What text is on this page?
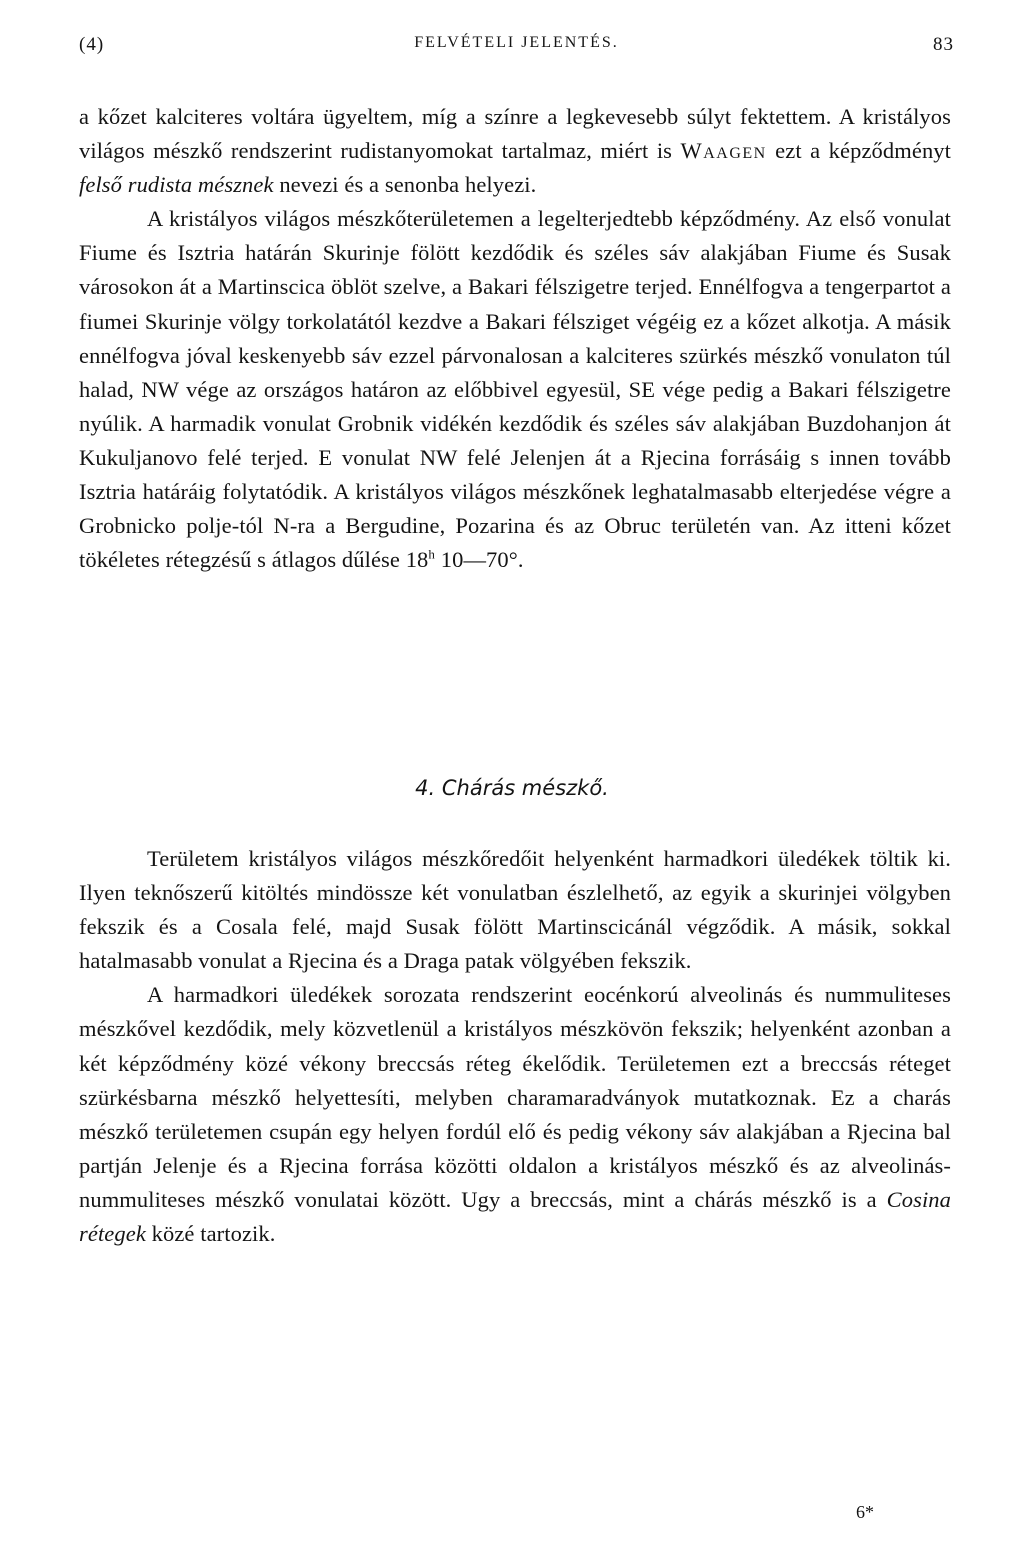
(4)	FELVÉTELI JELENTÉS.	83

a kőzet kalciteres voltára ügyeltem, míg a színre a legkevesebb súlyt fektettem. A kristályos világos mészkő rendszerint rudistanyomokat tartalmaz, miért is Waagen ezt a képződményt felső rudista mésznek nevezi és a senonba helyezi.

A kristályos világos mészkőterületemen a legelterjedtebb képződmény. Az első vonulat Fiume és Isztria határán Skurinje fölött kezdődik és széles sáv alakjában Fiume és Susak városokon át a Martinscica öblöt szelve, a Bakari félszigetre terjed. Ennélfogva a tengerpartot a fiumei Skurinje völgy torkolatától kezdve a Bakari félsziget végéig ez a kőzet alkotja. A másik ennélfogva jóval keskenyebb sáv ezzel párvonalosan a kalciteres szürkés mészkő vonulaton túl halad, NW vége az országos határon az előbbivel egyesül, SE vége pedig a Bakari félszigetre nyúlik. A harmadik vonulat Grobnik vidékén kezdődik és széles sáv alakjában Buzdohanjon át Kukuljanovo felé terjed. E vonulat NW felé Jelenjen át a Rjecina forrásáig s innen tovább Isztria határáig folytatódik. A kristályos világos mészkőnek leghatalmasabb elterjedése végre a Grobnicko polje-tól N-ra a Bergudine, Pozarina és az Obruc területén van. Az itteni kőzet tökéletes rétegzésű s átlagos dűlése 18$^h$ 10—70°.

4. Chárás mészkő.

Területem kristályos világos mészkőredőit helyenként harmadkori üledékek töltik ki. Ilyen teknőszerű kitöltés mindössze két vonulatban észlelhető, az egyik a skurinjei völgyben fekszik és a Cosala felé, majd Susak fölött Martinscicánál végződik. A másik, sokkal hatalmasabb vonulat a Rjecina és a Draga patak völgyében fekszik.

A harmadkori üledékek sorozata rendszerint eocénkorú alveolinás és nummuliteses mészkővel kezdődik, mely közvetlenül a kristályos mészkövön fekszik; helyenként azonban a két képződmény közé vékony breccsás réteg ékelődik. Területemen ezt a breccsás réteget szürkésbarna mészkő helyettesíti, melyben charamaradványok mutatkoznak. Ez a charás mészkő területemen csupán egy helyen fordúl elő és pedig vékony sáv alakjában a Rjecina bal partján Jelenje és a Rjecina forrása közötti oldalon a kristályos mészkő és az alveolinás-nummuliteses mészkő vonulatai között. Ugy a breccsás, mint a chárás mészkő is a Cosina rétegek közé tartozik.

6*
